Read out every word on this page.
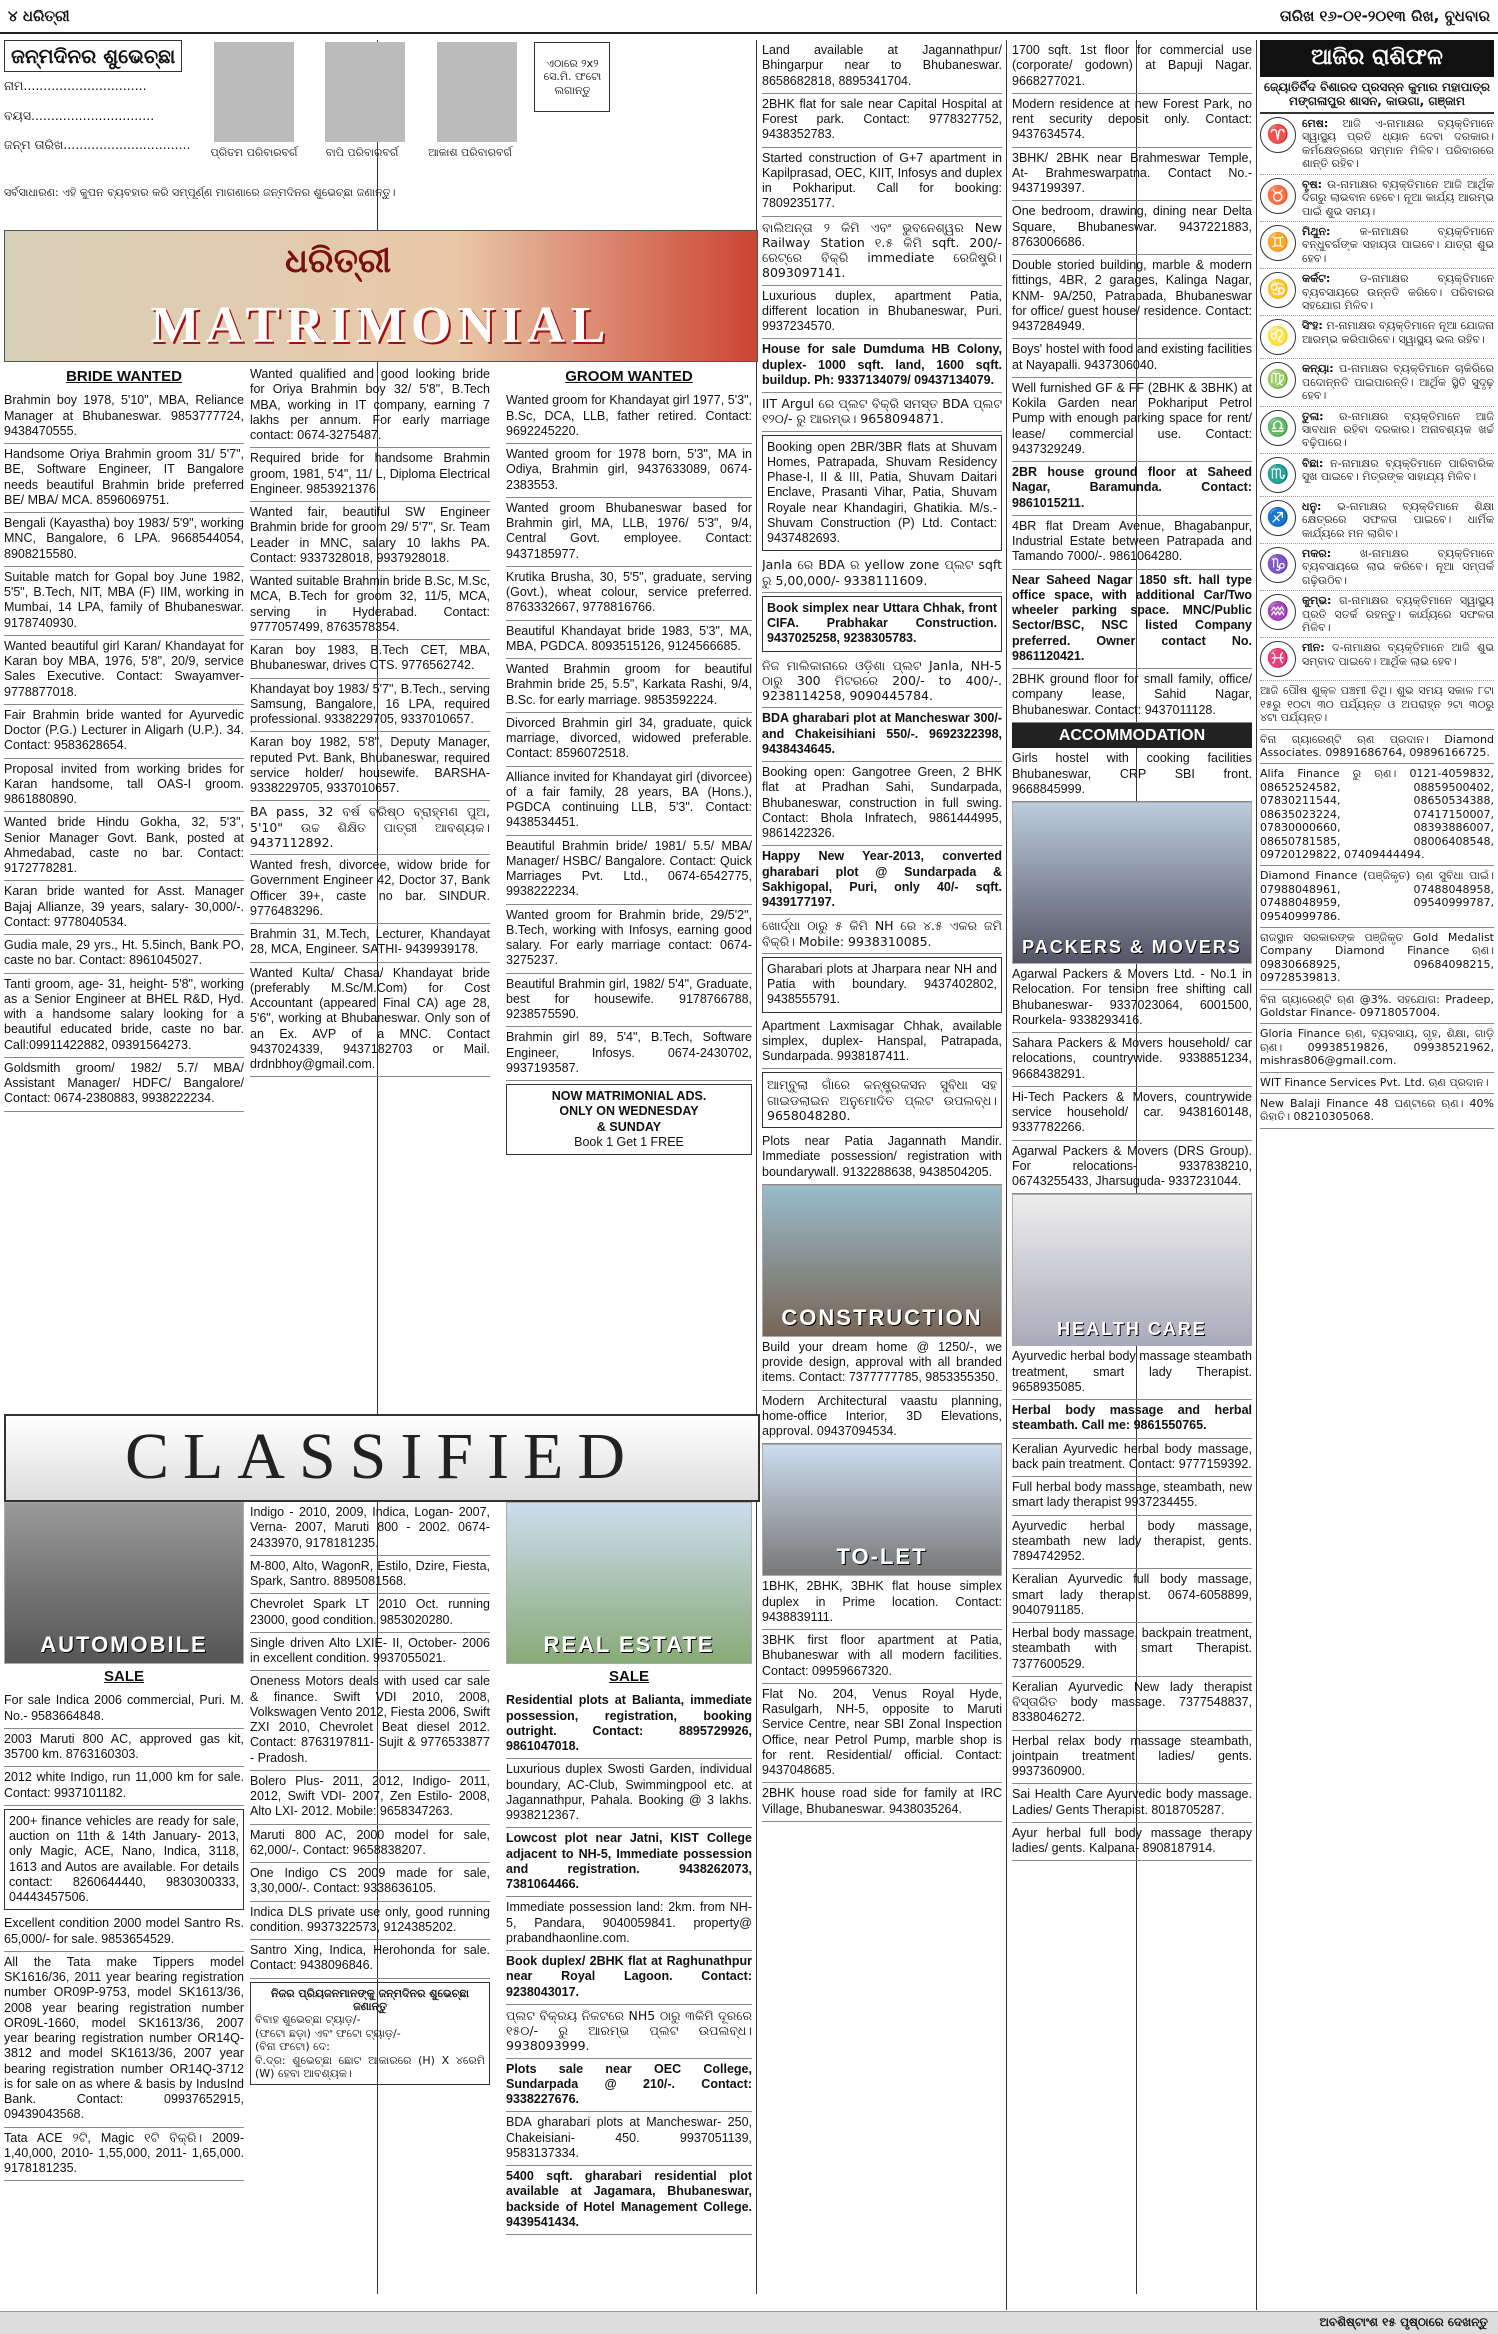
୪ ଧରିତ୍ରୀ	ତାରିଖ ୧୬-୦୧-୨୦୧୩ ରିଖ, ବୁଧବାର
ଜନ୍ମଦିନର ଶୁଭେଚ୍ଛା
ନାମ...............................
ବୟସ...............................
ଜନ୍ମ ତାରିଖ................................
ଏଠାରେ ୨x୨ ସେ.ମି. ଫଟୋ ଲଗାନ୍ତୁ
ପ୍ରିତମ ପରିବାରବର୍ଗ	ବାପି ପରିବାରବର୍ଗ	ଆକାଶ ପରିବାରବର୍ଗ
ସର୍ବସାଧାରଣ: ଏହି କୁପନ ବ୍ୟବହାର କରି ସମ୍ପୂର୍ଣ୍ଣ ମାଗଣାରେ ଜନ୍ମଦିନର ଶୁଭେଚ୍ଛା ଜଣାନ୍ତୁ।
ଧରିତ୍ରୀ
MATRIMONIAL
BRIDE WANTED
Brahmin boy 1978, 5'10", MBA, Reliance Manager at Bhubaneswar. 9853777724, 9438470555.
Handsome Oriya Brahmin groom 31/ 5'7", BE, Software Engineer, IT Bangalore needs beautiful Brahmin bride preferred BE/ MBA/ MCA. 8596069751.
Bengali (Kayastha) boy 1983/ 5'9", working MNC, Bangalore, 6 LPA. 9668544054, 8908215580.
Suitable match for Gopal boy June 1982, 5'5", B.Tech, NIT, MBA (F) IIM, working in Mumbai, 14 LPA, family of Bhubaneswar. 9178740930.
Wanted beautiful girl Karan/ Khandayat for Karan boy MBA, 1976, 5'8", 20/9, service Sales Executive. Contact: Swayamver- 9778877018.
Fair Brahmin bride wanted for Ayurvedic Doctor (P.G.) Lecturer in Aligarh (U.P.). 34. Contact: 9583628654.
Proposal invited from working brides for Karan handsome, tall OAS-I groom. 9861880890.
Wanted bride Hindu Gokha, 32, 5'3", Senior Manager Govt. Bank, posted at Ahmedabad, caste no bar. Contact: 9172778281.
Karan bride wanted for Asst. Manager Bajaj Allianze, 39 years, salary- 30,000/-. Contact: 9778040534.
Gudia male, 29 yrs., Ht. 5.5inch, Bank PO, caste no bar. Contact: 8961045027.
Tanti groom, age- 31, height- 5'8", working as a Senior Engineer at BHEL R&D, Hyd. with a handsome salary looking for a beautiful educated bride, caste no bar. Call:09911422882, 09391564273.
Goldsmith groom/ 1982/ 5.7/ MBA/ Assistant Manager/ HDFC/ Bangalore/ Contact: 0674-2380883, 9938222234.
Wanted qualified and good looking bride for Oriya Brahmin boy 32/ 5'8", B.Tech MBA, working in IT company, earning 7 lakhs per annum. For early marriage contact: 0674-3275487.
Required bride for handsome Brahmin groom, 1981, 5'4", 11/ L, Diploma Electrical Engineer. 9853921376.
Wanted fair, beautiful SW Engineer Brahmin bride for groom 29/ 5'7", Sr. Team Leader in MNC, salary 10 lakhs PA. Contact: 9337328018, 9937928018.
Wanted suitable Brahmin bride B.Sc, M.Sc, MCA, B.Tech for groom 32, 11/5, MCA, serving in Hyderabad. Contact: 9777057499, 8763578354.
Karan boy 1983, B.Tech CET, MBA, Bhubaneswar, drives CTS. 9776562742.
Khandayat boy 1983/ 5'7", B.Tech., serving Samsung, Bangalore, 16 LPA, required professional. 9338229705, 9337010657.
Karan boy 1982, 5'8", Deputy Manager, reputed Pvt. Bank, Bhubaneswar, required service holder/ housewife. BARSHA- 9338229705, 9337010657.
BA pass, 32 ବର୍ଷ ବରିଷ୍ଠ ବ୍ରାହ୍ମଣ ପୁଅ, 5'10" ଉଚ୍ଚ ଶିକ୍ଷିତ ପାତ୍ରୀ ଆବଶ୍ୟକ। 9437112892.
Wanted fresh, divorcee, widow bride for Government Engineer 42, Doctor 37, Bank Officer 39+, caste no bar. SINDUR. 9776483296.
Brahmin 31, M.Tech, Lecturer, Khandayat 28, MCA, Engineer. SATHI- 9439939178.
Wanted Kulta/ Chasa/ Khandayat bride (preferably M.Sc/M.Com) for Cost Accountant (appeared Final CA) age 28, 5'6", working at Bhubaneswar. Only son of an Ex. AVP of a MNC. Contact 9437024339, 9437182703 or Mail. drdnbhoy@gmail.com.
GROOM WANTED
Wanted groom for Khandayat girl 1977, 5'3", B.Sc, DCA, LLB, father retired. Contact: 9692245220.
Wanted groom for 1978 born, 5'3", MA in Odiya, Brahmin girl, 9437633089, 0674-2383553.
Wanted groom Bhubaneswar based for Brahmin girl, MA, LLB, 1976/ 5'3", 9/4, Central Govt. employee. Contact: 9437185977.
Krutika Brusha, 30, 5'5", graduate, serving (Govt.), wheat colour, service preferred. 8763332667, 9778816766.
Beautiful Khandayat bride 1983, 5'3", MA, MBA, PGDCA. 8093515126, 9124566685.
Wanted Brahmin groom for beautiful Brahmin bride 25, 5.5", Karkata Rashi, 9/4, B.Sc. for early marriage. 9853592224.
Divorced Brahmin girl 34, graduate, quick marriage, divorced, widowed preferable. Contact: 8596072518.
Alliance invited for Khandayat girl (divorcee) of a fair family, 28 years, BA (Hons.), PGDCA continuing LLB, 5'3". Contact: 9438534451.
Beautiful Brahmin bride/ 1981/ 5.5/ MBA/ Manager/ HSBC/ Bangalore. Contact: Quick Marriages Pvt. Ltd., 0674-6542775, 9938222234.
Wanted groom for Brahmin bride, 29/5'2", B.Tech, working with Infosys, earning good salary. For early marriage contact: 0674-3275237.
Beautiful Brahmin girl, 1982/ 5'4", Graduate, best for housewife. 9178766788, 9238575590.
Brahmin girl 89, 5'4", B.Tech, Software Engineer, Infosys. 0674-2430702, 9937193587.
NOW MATRIMONIAL ADS.
ONLY ON WEDNESDAY
& SUNDAY
Book 1 Get 1 FREE
CLASSIFIED
AUTOMOBILE
SALE
For sale Indica 2006 commercial, Puri. M. No.- 9583664848.
2003 Maruti 800 AC, approved gas kit, 35700 km. 8763160303.
2012 white Indigo, run 11,000 km for sale. Contact: 9937101182.
200+ finance vehicles are ready for sale, auction on 11th & 14th January- 2013, only Magic, ACE, Nano, Indica, 3118, 1613 and Autos are available. For details contact: 8260644440, 9830300333, 04443457506.
Excellent condition 2000 model Santro Rs. 65,000/- for sale. 9853654529.
All the Tata make Tippers model SK1616/36, 2011 year bearing registration number OR09P-9753, model SK1613/36, 2008 year bearing registration number OR09L-1660, model SK1613/36, 2007 year bearing registration number OR14Q-3812 and model SK1613/36, 2007 year bearing registration number OR14Q-3712 is for sale on as where & basis by IndusInd Bank. Contact: 09937652915, 09439043568.
Tata ACE ୨ଟି, Magic ୧ଟି ବିକ୍ରି। 2009- 1,40,000, 2010- 1,55,000, 2011- 1,65,000. 9178181235.
Indigo - 2010, 2009, Indica, Logan- 2007, Verna- 2007, Maruti 800 - 2002. 0674-2433970, 9178181235.
M-800, Alto, WagonR, Estilo, Dzire, Fiesta, Spark, Santro. 8895081568.
Chevrolet Spark LT 2010 Oct. running 23000, good condition. 9853020280.
Single driven Alto LXIE- II, October- 2006 in excellent condition. 9937055021.
Oneness Motors deals with used car sale & finance. Swift VDI 2010, 2008, Volkswagen Vento 2012, Fiesta 2006, Swift ZXI 2010, Chevrolet Beat diesel 2012. Contact: 8763197811- Sujit & 9776533877 - Pradosh.
Bolero Plus- 2011, 2012, Indigo- 2011, 2012, Swift VDI- 2007, Zen Estilo- 2008, Alto LXI- 2012. Mobile: 9658347263.
Maruti 800 AC, 2000 model for sale, 62,000/-. Contact: 9658838207.
One Indigo CS 2009 made for sale, 3,30,000/-. Contact: 9338636105.
Indica DLS private use only, good running condition. 9937322573, 9124385202.
Santro Xing, Indica, Herohonda for sale. Contact: 9438096846.
ନିଜର ପ୍ରିୟଜନମାନଙ୍କୁ ଜନ୍ମଦିନର ଶୁଭେଚ୍ଛା ଜଣାନ୍ତୁ
ବିବାହ ଶୁଭେଚ୍ଛା ଟ୍ୟାଡ଼/-
(ଫଟୋ ଛଡ଼ା) ଏବଂ ଫଟୋ ଟ୍ୟାଡ଼/-
(ବିନା ଫଟୋ) ଦେ:
ବି.ଦ୍ର: ଶୁଭେଚ୍ଛା ଛୋଟ ଆକାରରେ (H) X ୪ରେମି (W) ହେବା ଆବଶ୍ୟକ।
REAL ESTATE
SALE
Residential plots at Balianta, immediate possession, registration, booking outright. Contact: 8895729926, 9861047018.
Luxurious duplex Swosti Garden, individual boundary, AC-Club, Swimmingpool etc. at Jagannathpur, Pahala. Booking @ 3 lakhs. 9938212367.
Lowcost plot near Jatni, KIST College adjacent to NH-5, Immediate possession and registration. 9438262073, 7381064466.
Immediate possession land: 2km. from NH-5, Pandara, 9040059841. property@ prabandhaonline.com.
Book duplex/ 2BHK flat at Raghunathpur near Royal Lagoon. Contact: 9238043017.
ପ୍ଲଟ ବିକ୍ରୟ ନିକଟରେ NH5 ଠାରୁ ୩କିମି ଦୂରରେ ୧୫୦/- ରୁ ଆରମ୍ଭ ପ୍ଲଟ ଉପଲବ୍ଧ। 9938093999.
Plots sale near OEC College, Sundarpada @ 210/-. Contact: 9338227676.
BDA gharabari plots at Mancheswar- 250, Chakeisiani- 450. 9937051139, 9583137334.
5400 sqft. gharabari residential plot available at Jagamara, Bhubaneswar, backside of Hotel Management College. 9439541434.
Land available at Jagannathpur/ Bhingarpur near to Bhubaneswar. 8658682818, 8895341704.
2BHK flat for sale near Capital Hospital at Forest park. Contact: 9778327752, 9438352783.
Started construction of G+7 apartment in Kapilprasad, OEC, KIIT, Infosys and duplex in Pokhariput. Call for booking: 7809235177.
ବାଲିଅନ୍ତା ୨ କିମି ଏବଂ ଭୁବନେଶ୍ୱର New Railway Station ୧.୫ କିମି sqft. 200/- ରେଟ୍‌ରେ ବିକ୍ରି immediate ରେଜିଷ୍ଟ୍ରି। 8093097141.
Luxurious duplex, apartment Patia, different location in Bhubaneswar, Puri. 9937234570.
House for sale Dumduma HB Colony, duplex- 1000 sqft. land, 1600 sqft. buildup. Ph: 9337134079/ 09437134079.
IIT Argul ରେ ପ୍ଲଟ ବିକ୍ରି ସମସ୍ତ BDA ପ୍ଲଟ ୧୨୦/- ରୁ ଆରମ୍ଭ। 9658094871.
Booking open 2BR/3BR flats at Shuvam Homes, Patrapada, Shuvam Residency Phase-I, II & III, Patia, Shuvam Daitari Enclave, Prasanti Vihar, Patia, Shuvam Royale near Khandagiri, Ghatikia. M/s.- Shuvam Construction (P) Ltd. Contact: 9437482693.
Janla ରେ BDA ର yellow zone ପ୍ଲଟ sqft ରୁ 5,00,000/- 9338111609.
Book simplex near Uttara Chhak, front CIFA. Prabhakar Construction. 9437025258, 9238305783.
ନିଜ ମାଲିକାନାରେ ଓଡ଼ିଶା ପ୍ଲଟ Janla, NH-5 ଠାରୁ 300 ମିଟରରେ 200/- to 400/-. 9238114258, 9090445784.
BDA gharabari plot at Mancheswar 300/- and Chakeisihiani 550/-. 9692322398, 9438434645.
Booking open: Gangotree Green, 2 BHK flat at Pradhan Sahi, Sundarpada, Bhubaneswar, construction in full swing. Contact: Bhola Infratech, 9861444995, 9861422326.
Happy New Year-2013, converted gharabari plot @ Sundarpada & Sakhigopal, Puri, only 40/- sqft. 9439177197.
ଖୋର୍ଦ୍ଧା ଠାରୁ ୫ କିମି NH ରେ ୪.୫ ଏକର ଜମି ବିକ୍ରି। Mobile: 9938310085.
Gharabari plots at Jharpara near NH and Patia with boundary. 9437402802, 9438555791.
Apartment Laxmisagar Chhak, available simplex, duplex- Hanspal, Patrapada, Sundarpada. 9938187411.
ଆମ୍ବୁଲା ଗାଁରେ କନ୍ଷ୍ଟ୍ରକସନ ସୁବିଧା ସହ ଗାଇଡଲାଇନ ଅନୁମୋଦିତ ପ୍ଲଟ ଉପଲବ୍ଧ। 9658048280.
Plots near Patia Jagannath Mandir. Immediate possession/ registration with boundarywall. 9132288638, 9438504205.
CONSTRUCTION
Build your dream home @ 1250/-, we provide design, approval with all branded items. Contact: 7377777785, 9853355350.
Modern Architectural vaastu planning, home-office Interior, 3D Elevations, approval. 09437094534.
TO-LET
1BHK, 2BHK, 3BHK flat house simplex duplex in Prime location. Contact: 9438839111.
3BHK first floor apartment at Patia, Bhubaneswar with all modern facilities. Contact: 09959667320.
Flat No. 204, Venus Royal Hyde, Rasulgarh, NH-5, opposite to Maruti Service Centre, near SBI Zonal Inspection Office, near Petrol Pump, marble shop is for rent. Residential/ official. Contact: 9437048685.
2BHK house road side for family at IRC Village, Bhubaneswar. 9438035264.
1700 sqft. 1st floor for commercial use (corporate/ godown) at Bapuji Nagar. 9668277021.
Modern residence at new Forest Park, no rent security deposit only. Contact: 9437634574.
3BHK/ 2BHK near Brahmeswar Temple, At- Brahmeswarpatna. Contact No.- 9437199397.
One bedroom, drawing, dining near Delta Square, Bhubaneswar. 9437221883, 8763006686.
Double storied building, marble & modern fittings, 4BR, 2 garages, Kalinga Nagar, KNM- 9A/250, Patrapada, Bhubaneswar for office/ guest house/ residence. Contact: 9437284949.
Boys' hostel with food and existing facilities at Nayapalli. 9437306040.
Well furnished GF & FF (2BHK & 3BHK) at Kokila Garden near Pokhariput Petrol Pump with enough parking space for rent/ lease/ commercial use. Contact: 9437329249.
2BR house ground floor at Saheed Nagar, Baramunda. Contact: 9861015211.
4BR flat Dream Avenue, Bhagabanpur, Industrial Estate between Patrapada and Tamando 7000/-. 9861064280.
Near Saheed Nagar 1850 sft. hall type office space, with additional Car/Two wheeler parking space. MNC/Public Sector/BSC, NSC listed Company preferred. Owner contact No. 9861120421.
2BHK ground floor for small family, office/ company lease, Sahid Nagar, Bhubaneswar. Contact: 9437011128.
ACCOMMODATION
Girls hostel with cooking facilities Bhubaneswar, CRP SBI front. 9668845999.
PACKERS & MOVERS
Agarwal Packers & Movers Ltd. - No.1 in Relocation. For tension free shifting call Bhubaneswar- 9337023064, 6001500, Rourkela- 9338293416.
Sahara Packers & Movers household/ car relocations, countrywide. 9338851234, 9668438291.
Hi-Tech Packers & Movers, countrywide service household/ car. 9438160148, 9337782266.
Agarwal Packers & Movers (DRS Group). For relocations- 9337838210, 06743255433, Jharsuguda- 9337231044.
HEALTH CARE
Ayurvedic herbal body massage steambath treatment, smart lady Therapist. 9658935085.
Herbal body massage and herbal steambath. Call me: 9861550765.
Keralian Ayurvedic herbal body massage, back pain treatment. Contact: 9777159392.
Full herbal body massage, steambath, new smart lady therapist 9937234455.
Ayurvedic herbal body massage, steambath new lady therapist, gents. 7894742952.
Keralian Ayurvedic full body massage, smart lady therapist. 0674-6058899, 9040791185.
Herbal body massage, backpain treatment, steambath with smart Therapist. 7377600529.
Keralian Ayurvedic New lady therapist ବିସ୍ତାରିତ body massage. 7377548837, 8338046272.
Herbal relax body massage steambath, jointpain treatment ladies/ gents. 9937360900.
Sai Health Care Ayurvedic body massage. Ladies/ Gents Therapist. 8018705287.
Ayur herbal full body massage therapy ladies/ gents. Kalpana- 8908187914.
ଆଜିର ରାଶିଫଳ
ଜ୍ୟୋତିର୍ବିଦ ବିଶାରଦ ପ୍ରସନ୍ନ କୁମାର ମହାପାତ୍ର
ମଙ୍ଗଳାପୁର ଶାସନ, କାଉଗା, ଗଞ୍ଜାମ
♈
ମେଷ: ଆଜି ଏ-ନାମାକ୍ଷର ବ୍ୟକ୍ତିମାନେ ସ୍ୱାସ୍ଥ୍ୟ ପ୍ରତି ଧ୍ୟାନ ଦେବା ଦରକାର। କର୍ମକ୍ଷେତ୍ରରେ ସମ୍ମାନ ମିଳିବ। ପରିବାରରେ ଶାନ୍ତି ରହିବ।
♉
ବୃଷ: ଉ-ନାମାକ୍ଷର ବ୍ୟକ୍ତିମାନେ ଆଜି ଆର୍ଥିକ ଦିଗରୁ ଲାଭବାନ ହେବେ। ନୂଆ କାର୍ଯ୍ୟ ଆରମ୍ଭ ପାଇଁ ଶୁଭ ସମୟ।
♊
ମିଥୁନ:	କ-ନାମାକ୍ଷର ବ୍ୟକ୍ତିମାନେ ବନ୍ଧୁବର୍ଗଙ୍କ ସହାୟତା ପାଇବେ। ଯାତ୍ରା ଶୁଭ ହେବ।
♋
କର୍କଟ:	ଡ-ନାମାକ୍ଷର ବ୍ୟକ୍ତିମାନେ ବ୍ୟବସାୟରେ ଉନ୍ନତି କରିବେ। ପରିବାରର ସହଯୋଗ ମିଳିବ।
♌
ସିଂହ: ମ-ନାମାକ୍ଷର ବ୍ୟକ୍ତିମାନେ ନୂଆ ଯୋଜନା ଆରମ୍ଭ କରିପାରିବେ। ସ୍ୱାସ୍ଥ୍ୟ ଭଲ ରହିବ।
♍
କନ୍ୟା: ପ-ନାମାକ୍ଷର ବ୍ୟକ୍ତିମାନେ ଚାକିରିରେ ପଦୋନ୍ନତି ପାଇପାରନ୍ତି। ଆର୍ଥିକ ସ୍ଥିତି ସୁଦୃଢ଼ ହେବ।
♎
ତୁଳା: ର-ନାମାକ୍ଷର ବ୍ୟକ୍ତିମାନେ ଆଜି ସାବଧାନ ରହିବା ଦରକାର। ଅନାବଶ୍ୟକ ଖର୍ଚ୍ଚ ବଢ଼ିପାରେ।
♏
ବିଛା: ନ-ନାମାକ୍ଷର ବ୍ୟକ୍ତିମାନେ ପାରିବାରିକ ସୁଖ ପାଇବେ। ମିତ୍ରଙ୍କ ସାହାଯ୍ୟ ମିଳିବ।
♐
ଧନୁ: ଭ-ନାମାକ୍ଷର ବ୍ୟକ୍ତିମାନେ ଶିକ୍ଷା କ୍ଷେତ୍ରରେ ସଫଳତା ପାଇବେ। ଧାର୍ମିକ କାର୍ଯ୍ୟରେ ମନ ଲାଗିବ।
♑
ମକର:	ଖ-ନାମାକ୍ଷର ବ୍ୟକ୍ତିମାନେ ବ୍ୟବସାୟରେ ଲାଭ କରିବେ। ନୂଆ ସମ୍ପର୍କ ଗଢ଼ିଉଠିବ।
♒
କୁମ୍ଭ: ଗ-ନାମାକ୍ଷର ବ୍ୟକ୍ତିମାନେ ସ୍ୱାସ୍ଥ୍ୟ ପ୍ରତି ସତର୍କ ରହନ୍ତୁ। କାର୍ଯ୍ୟରେ ସଫଳତା ମିଳିବ।
♓
ମୀନ: ଦ-ନାମାକ୍ଷର ବ୍ୟକ୍ତିମାନେ ଆଜି ଶୁଭ ସମ୍ବାଦ ପାଇବେ। ଆର୍ଥିକ ଲାଭ ହେବ।
ଆଜି ପୌଷ ଶୁକ୍ଳ ପଞ୍ଚମୀ ତିଥି। ଶୁଭ ସମୟ ସକାଳ ୮ଟା ୧୫ରୁ ୧୦ଟା ୩୦ ପର୍ଯ୍ୟନ୍ତ ଓ ଅପରାହ୍ନ ୨ଟା ୩୦ରୁ ୪ଟା ପର୍ଯ୍ୟନ୍ତ।
ବିନା ଗ୍ୟାରେଣ୍ଟି ଋଣ ପ୍ରଦାନ। Diamond Associates. 09891686764, 09896166725.
Alifa Finance ରୁ ଋଣ। 0121-4059832, 08652524582, 08859500402, 07830211544, 08650534388, 08635023224, 07417150007, 07830000660, 08393886007, 08650781585, 08006408548, 09720129822, 07409444494.
Diamond Finance (ପଞ୍ଜିକୃତ) ଋଣ ସୁବିଧା ପାଇଁ। 07988048961, 07488048958, 07488048959, 09540999787, 09540999786.
ରାଜସ୍ଥାନ ସରକାରଙ୍କ ପଞ୍ଜିକୃତ Gold Medalist Company Diamond Finance ଋଣ। 09830668925, 09684098215, 09728539813.
ବିନା ଗ୍ୟାରେଣ୍ଟି ଋଣ @3%. ସହଯୋଗ: Pradeep, Goldstar Finance- 09718057004.
Gloria Finance ଋଣ, ବ୍ୟବସାୟ, ଗୃହ, ଶିକ୍ଷା, ଗାଡ଼ି ଋଣ। 09938519826, 09938521962, mishras806@gmail.com.
WIT Finance Services Pvt. Ltd. ଋଣ ପ୍ରଦାନ।
New Balaji Finance 48 ଘଣ୍ଟାରେ ଋଣ। 40% ରିହାତି। 08210305068.
ଅବଶିଷ୍ଟାଂଶ ୧୫ ପୃଷ୍ଠାରେ ଦେଖନ୍ତୁ
